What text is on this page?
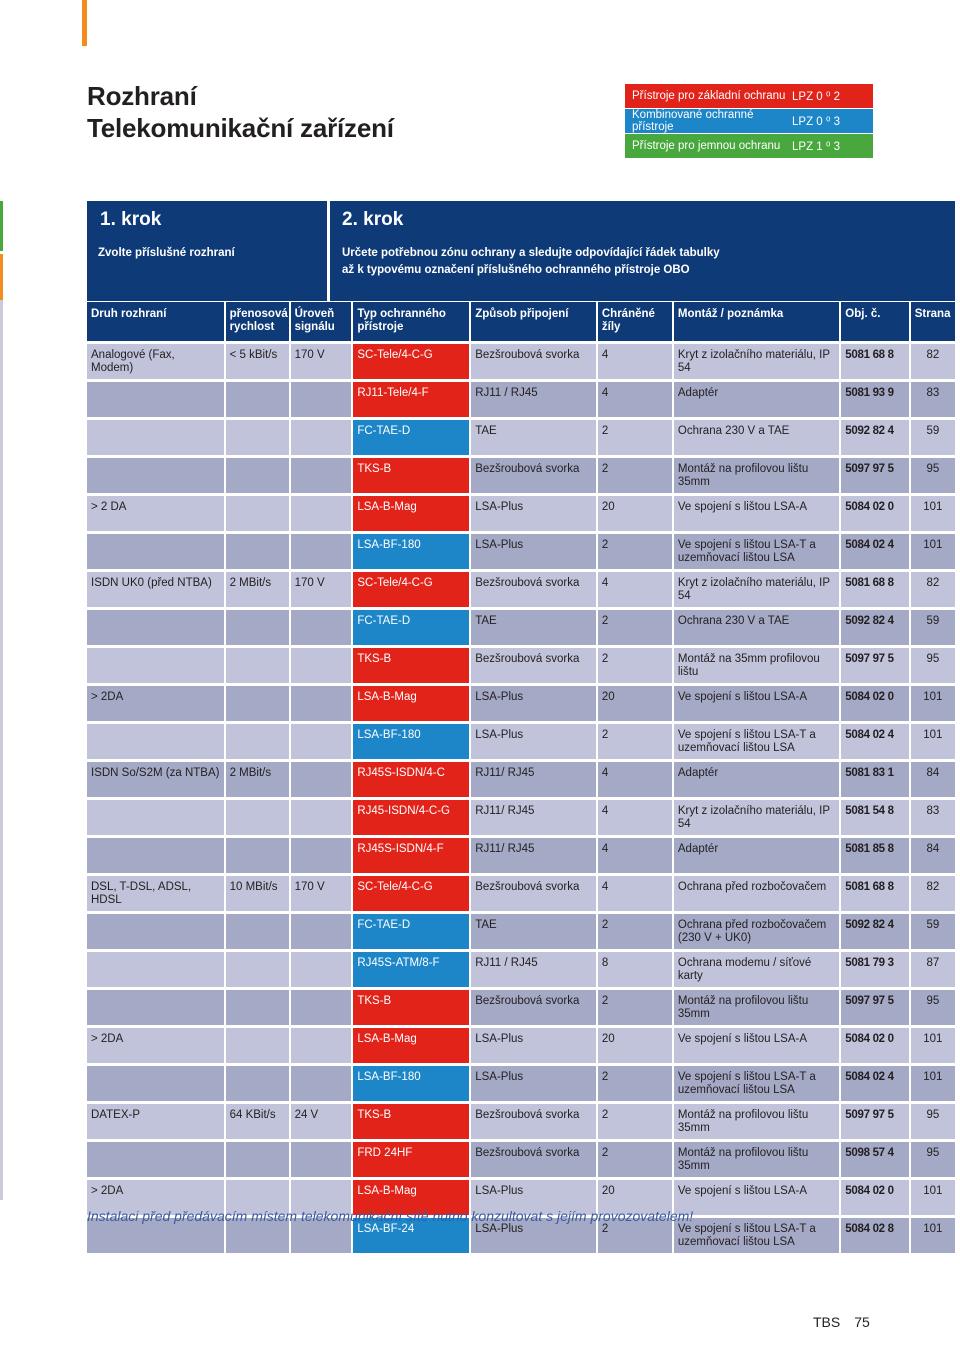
Rozhraní
Telekomunikační zařízení
Přístroje pro základní ochranu LPZ 0 ⁰ 2
Kombinované ochranné přístroje	LPZ 0 ⁰ 3
Přístroje pro jemnou ochranu	LPZ 1 ⁰ 3
1. krok
Zvolte příslušné rozhraní
2. krok
Určete potřebnou zónu ochrany a sledujte odpovídající řádek tabulky
až k typovému označení příslušného ochranného přístroje OBO
Druh rozhraní	přenosová rychlost	Úroveň signálu	Typ ochranného přístroje	Způsob připojení	Chráněné žíly	Montáž / poznámka	Obj. č.	Strana
Analogové (Fax, Modem)	< 5 kBit/s	170 V	SC-Tele/4-C-G	Bezšroubová svorka	4	Kryt z izolačního materiálu, IP 54	5081 68 8	82
			RJ11-Tele/4-F	RJ11 / RJ45	4	Adaptér	5081 93 9	83
			FC-TAE-D	TAE	2	Ochrana 230 V a TAE	5092 82 4	59
			TKS-B	Bezšroubová svorka	2	Montáž na profilovou lištu 35mm	5097 97 5	95
> 2 DA			LSA-B-Mag	LSA-Plus	20	Ve spojení s lištou LSA-A	5084 02 0	101
			LSA-BF-180	LSA-Plus	2	Ve spojení s lištou LSA-T a uzemňovací lištou LSA	5084 02 4	101
ISDN UK0 (před NTBA)	2 MBit/s	170 V	SC-Tele/4-C-G	Bezšroubová svorka	4	Kryt z izolačního materiálu, IP 54	5081 68 8	82
			FC-TAE-D	TAE	2	Ochrana 230 V a TAE	5092 82 4	59
			TKS-B	Bezšroubová svorka	2	Montáž na 35mm profilovou lištu	5097 97 5	95
> 2DA			LSA-B-Mag	LSA-Plus	20	Ve spojení s lištou LSA-A	5084 02 0	101
			LSA-BF-180	LSA-Plus	2	Ve spojení s lištou LSA-T a uzemňovací lištou LSA	5084 02 4	101
ISDN So/S2M (za NTBA)	2 MBit/s		RJ45S-ISDN/4-C	RJ11/ RJ45	4	Adaptér	5081 83 1	84
			RJ45-ISDN/4-C-G	RJ11/ RJ45	4	Kryt z izolačního materiálu, IP 54	5081 54 8	83
			RJ45S-ISDN/4-F	RJ11/ RJ45	4	Adaptér	5081 85 8	84
DSL, T-DSL, ADSL, HDSL	10 MBit/s	170 V	SC-Tele/4-C-G	Bezšroubová svorka	4	Ochrana před rozbočovačem	5081 68 8	82
			FC-TAE-D	TAE	2	Ochrana před rozbočovačem (230 V + UK0)	5092 82 4	59
			RJ45S-ATM/8-F	RJ11 / RJ45	8	Ochrana modemu / síťové karty	5081 79 3	87
			TKS-B	Bezšroubová svorka	2	Montáž na profilovou lištu 35mm	5097 97 5	95
> 2DA			LSA-B-Mag	LSA-Plus	20	Ve spojení s lištou LSA-A	5084 02 0	101
			LSA-BF-180	LSA-Plus	2	Ve spojení s lištou LSA-T a uzemňovací lištou LSA	5084 02 4	101
DATEX-P	64 KBit/s	24 V	TKS-B	Bezšroubová svorka	2	Montáž na profilovou lištu 35mm	5097 97 5	95
			FRD 24HF	Bezšroubová svorka	2	Montáž na profilovou lištu 35mm	5098 57 4	95
> 2DA			LSA-B-Mag	LSA-Plus	20	Ve spojení s lištou LSA-A	5084 02 0	101
			LSA-BF-24	LSA-Plus	2	Ve spojení s lištou LSA-T a uzemňovací lištou LSA	5084 02 8	101
Instalaci před předávacím místem telekomunikační sítě nutno konzultovat s jejím provozovatelem!
TBS 75
